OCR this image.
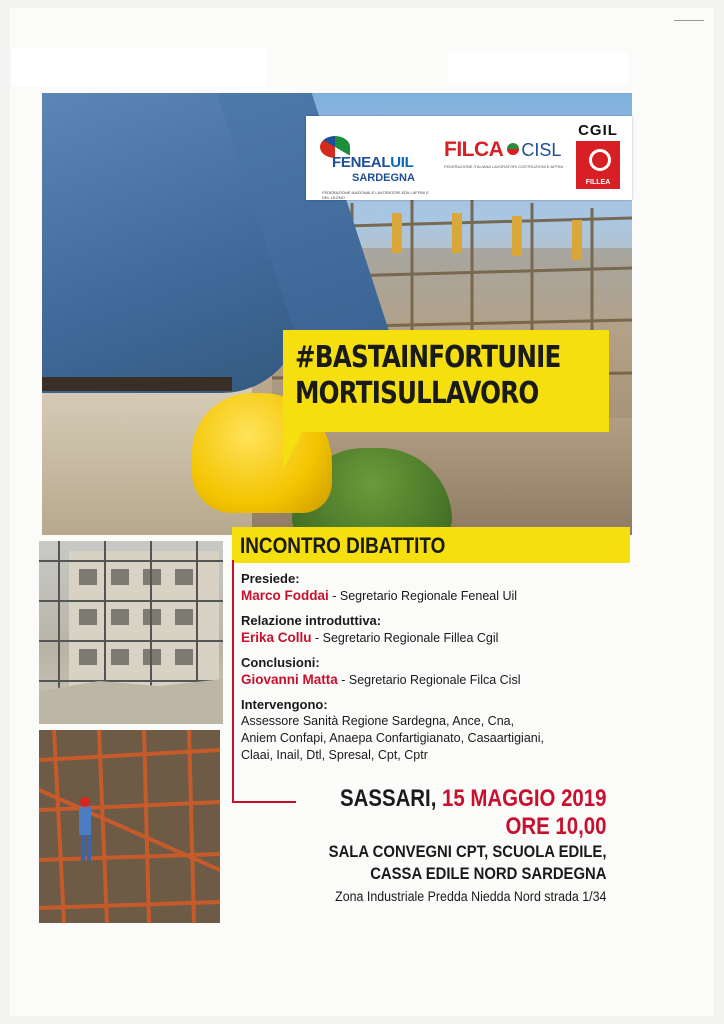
FENEALUIL
SARDEGNA
FEDERAZIONE NAZIONALE LAVORATORI EDILI AFFINI E DEL LEGNO
FILCA CISL
FEDERAZIONE ITALIANA LAVORATORI COSTRUZIONI E AFFINI
CGIL
FILLEA
#BASTAINFORTUNIE
MORTISULLAVORO
INCONTRO DIBATTITO
Presiede:
Marco Foddai - Segretario Regionale Feneal Uil
Relazione introduttiva:
Erika Collu - Segretario Regionale Fillea Cgil
Conclusioni:
Giovanni Matta - Segretario Regionale Filca Cisl
Intervengono:
Assessore Sanità Regione Sardegna, Ance, Cna,
Aniem Confapi, Anaepa Confartigianato, Casaartigiani,
Claai, Inail, Dtl, Spresal, Cpt, Cptr
SASSARI, 15 MAGGIO 2019
ORE 10,00
SALA CONVEGNI CPT, SCUOLA EDILE,
CASSA EDILE NORD SARDEGNA
Zona Industriale Predda Niedda Nord strada 1/34
